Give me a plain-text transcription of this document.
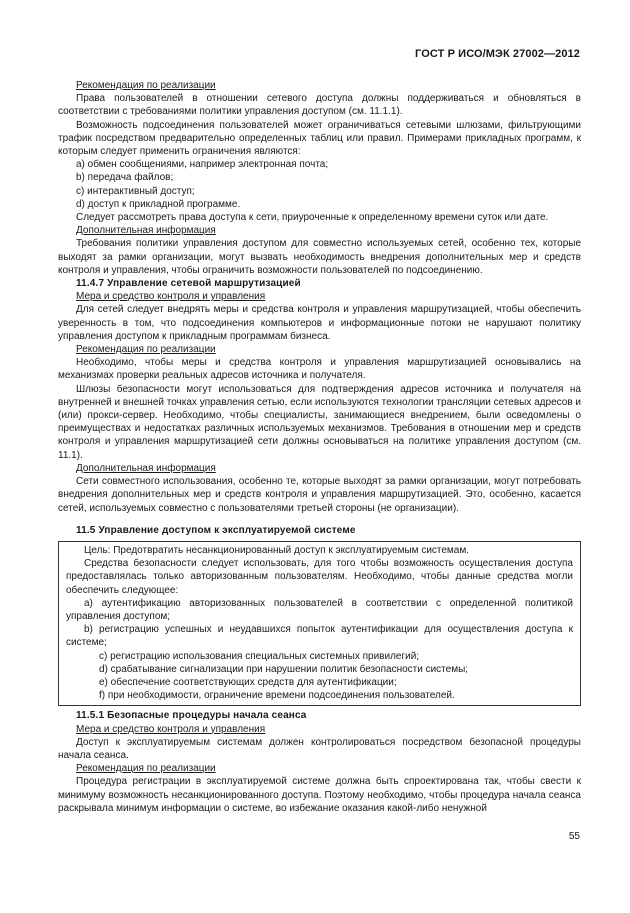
ГОСТ Р ИСО/МЭК 27002—2012

Рекомендация по реализации

Права пользователей в отношении сетевого доступа должны поддерживаться и обновляться в соответствии с требованиями политики управления доступом (см. 11.1.1).

Возможность подсоединения пользователей может ограничиваться сетевыми шлюзами, фильтрующими трафик посредством предварительно определенных таблиц или правил. Примерами прикладных программ, к которым следует применить ограничения являются:

а) обмен сообщениями, например электронная почта;

b) передача файлов;

c) интерактивный доступ;

d) доступ к прикладной программе.

Следует рассмотреть права доступа к сети, приуроченные к определенному времени суток или дате.

Дополнительная информация

Требования политики управления доступом для совместно используемых сетей, особенно тех, которые выходят за рамки организации, могут вызвать необходимость внедрения дополнительных мер и средств контроля и управления, чтобы ограничить возможности пользователей по подсоединению.

11.4.7 Управление сетевой маршрутизацией

Мера и средство контроля и управления

Для сетей следует внедрять меры и средства контроля и управления маршрутизацией, чтобы обеспечить уверенность в том, что подсоединения компьютеров и информационные потоки не нарушают политику управления доступом к прикладным программам бизнеса.

Рекомендация по реализации

Необходимо, чтобы меры и средства контроля и управления маршрутизацией основывались на механизмах проверки реальных адресов источника и получателя.

Шлюзы безопасности могут использоваться для подтверждения адресов источника и получателя на внутренней и внешней точках управления сетью, если используются технологии трансляции сетевых адресов и (или) прокси-сервер. Необходимо, чтобы специалисты, занимающиеся внедрением, были осведомлены о преимуществах и недостатках различных используемых механизмов. Требования в отношении мер и средств контроля и управления маршрутизацией сети должны основываться на политике управления доступом (см. 11.1).

Дополнительная информация

Сети совместного использования, особенно те, которые выходят за рамки организации, могут потребовать внедрения дополнительных мер и средств контроля и управления маршрутизацией. Это, особенно, касается сетей, используемых совместно с пользователями третьей стороны (не организации).

11.5 Управление доступом к эксплуатируемой системе

Цель: Предотвратить несанкционированный доступ к эксплуатируемым системам.

Средства безопасности следует использовать, для того чтобы возможность осуществления доступа предоставлялась только авторизованным пользователям. Необходимо, чтобы данные средства могли обеспечить следующее:

а) аутентификацию авторизованных пользователей в соответствии с определенной политикой управления доступом;

b) регистрацию успешных и неудавшихся попыток аутентификации для осуществления доступа к системе;

c) регистрацию использования специальных системных привилегий;

d) срабатывание сигнализации при нарушении политик безопасности системы;

e) обеспечение соответствующих средств для аутентификации;

f) при необходимости, ограничение времени подсоединения пользователей.

11.5.1 Безопасные процедуры начала сеанса

Мера и средство контроля и управления

Доступ к эксплуатируемым системам должен контролироваться посредством безопасной процедуры начала сеанса.

Рекомендация по реализации

Процедура регистрации в эксплуатируемой системе должна быть спроектирована так, чтобы свести к минимуму возможность несанкционированного доступа. Поэтому необходимо, чтобы процедура начала сеанса раскрывала минимум информации о системе, во избежание оказания какой-либо ненужной

55
